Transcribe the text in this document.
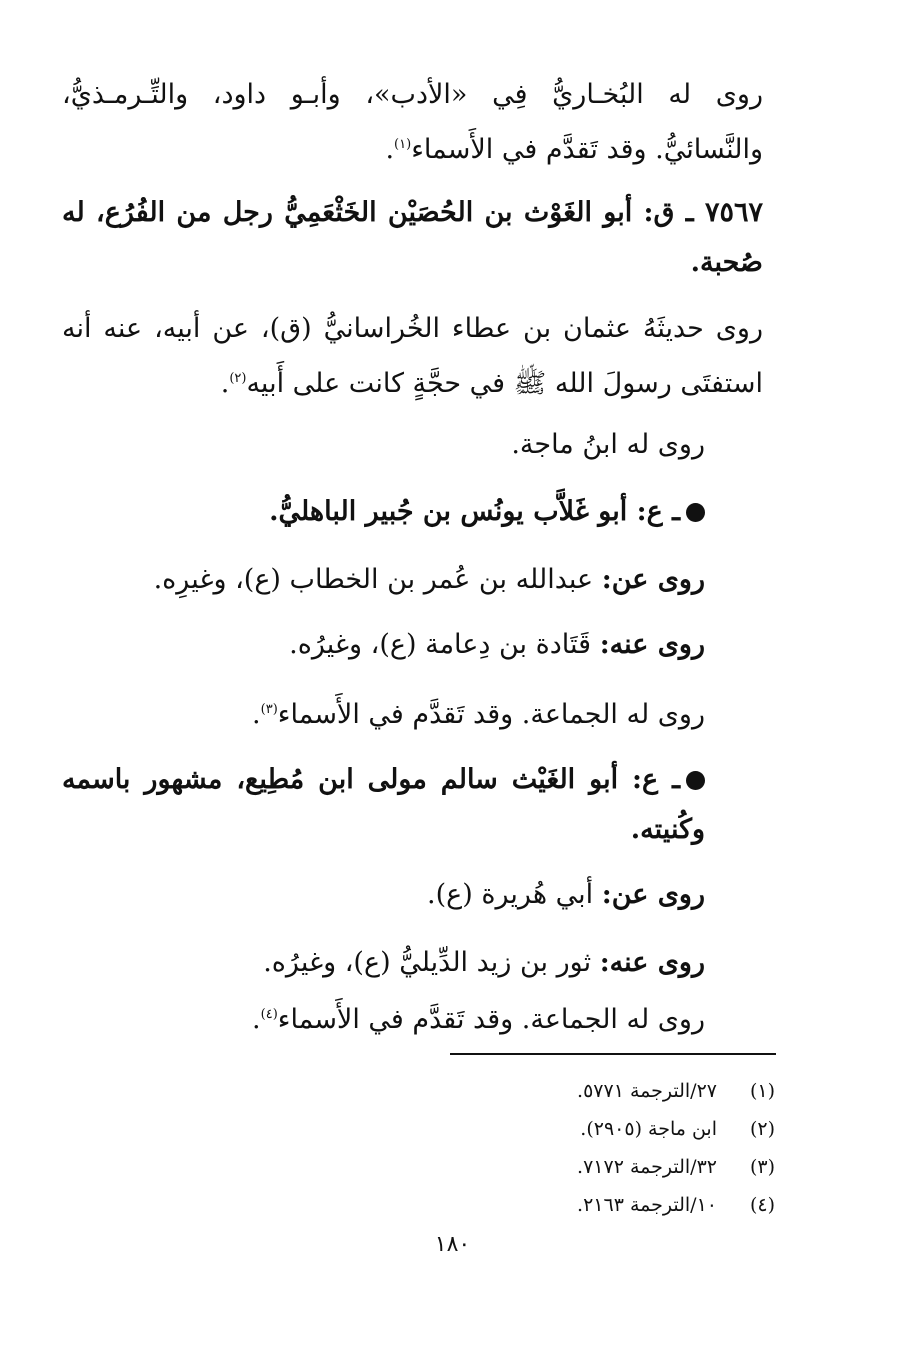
روى له البُخـاريُّ فِي «الأدب»، وأبـو داود، والتِّـرمـذيُّ، والنَّسائيُّ. وقد تَقدَّم في الأَسماء$^{(١)}$.

٧٥٦٧ ـ ق: أبو الغَوْث بن الحُصَيْن الخَثْعَمِيُّ رجل من الفُرُع، له صُحبة.

روى حديثَهُ عثمان بن عطاء الخُراسانيُّ (ق)، عن أبيه، عنه أنه استفتَى رسولَ الله ﷺ في حجَّةٍ كانت على أَبيه$^{(٢)}$.

روى له ابنُ ماجة.

ـ ع: أبو غَلاَّب يونُس بن جُبير الباهليُّ.

روى عن: عبدالله بن عُمر بن الخطاب (ع)، وغيرِه.

روى عنه: قَتَادة بن دِعامة (ع)، وغيرُه.

روى له الجماعة. وقد تَقدَّم في الأَسماء$^{(٣)}$.

ـ ع: أبو الغَيْث سالم مولى ابن مُطِيع، مشهور باسمه وكُنيته.

روى عن: أبي هُريرة (ع).

روى عنه: ثور بن زيد الدِّيليُّ (ع)، وغيرُه.

روى له الجماعة. وقد تَقدَّم في الأَسماء$^{(٤)}$.

(١)٢٧/الترجمة ٥٧٧١.
(٢)ابن ماجة (٢٩٠٥).
(٣)٣٢/الترجمة ٧١٧٢.
(٤)١٠/الترجمة ٢١٦٣.
١٨٠
